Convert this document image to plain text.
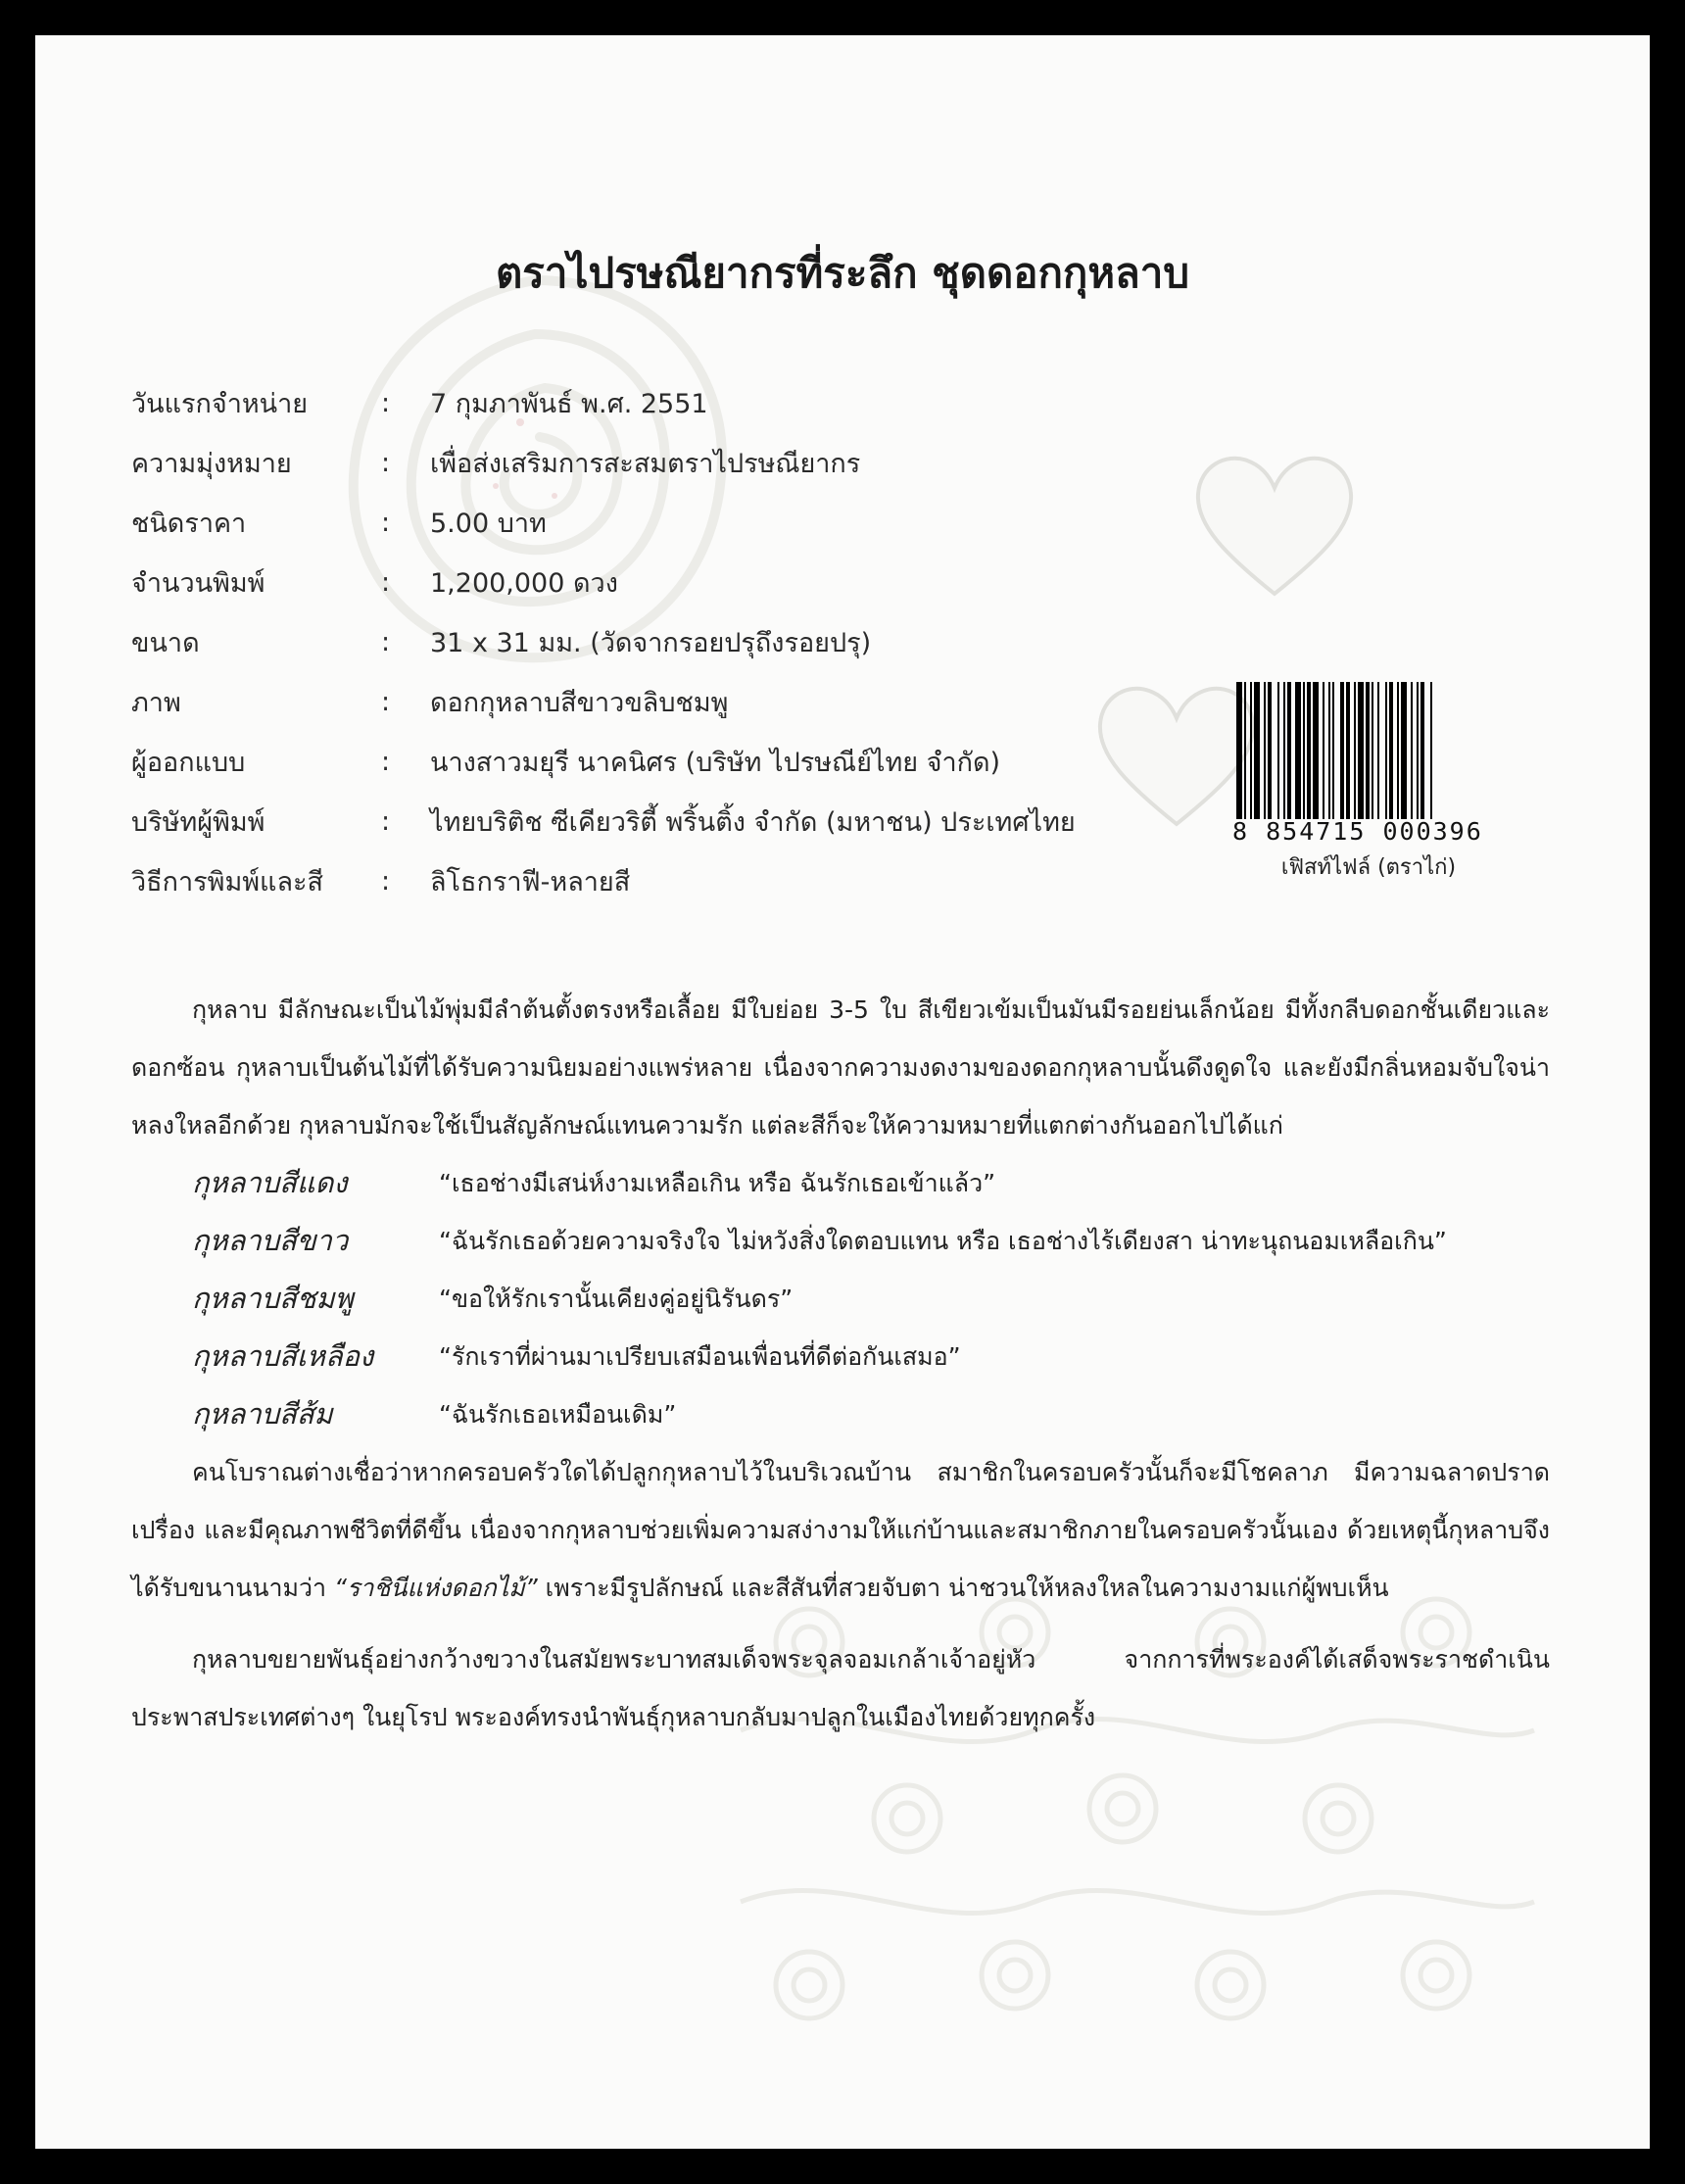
ตราไปรษณียากรที่ระลึก ชุดดอกกุหลาบ
วันแรกจำหน่าย	:	7 กุมภาพันธ์ พ.ศ. 2551
ความมุ่งหมาย	:	เพื่อส่งเสริมการสะสมตราไปรษณียากร
ชนิดราคา	:	5.00 บาท
จำนวนพิมพ์	:	1,200,000 ดวง
ขนาด	:	31 x 31 มม. (วัดจากรอยปรุถึงรอยปรุ)
ภาพ	:	ดอกกุหลาบสีขาวขลิบชมพู
ผู้ออกแบบ	:	นางสาวมยุรี นาคนิศร (บริษัท ไปรษณีย์ไทย จำกัด)
บริษัทผู้พิมพ์	:	ไทยบริติช ซีเคียวริตี้ พริ้นติ้ง จำกัด (มหาชน) ประเทศไทย
วิธีการพิมพ์และสี	:	ลิโธกราฟี-หลายสี
8 854715 000396
เฟิสท์ไฟล์ (ตราไก่)

กุหลาบ มีลักษณะเป็นไม้พุ่มมีลำต้นตั้งตรงหรือเลื้อย มีใบย่อย 3-5 ใบ สีเขียวเข้มเป็นมันมีรอยย่นเล็กน้อย มีทั้งกลีบดอกชั้นเดียวและดอกซ้อน กุหลาบเป็นต้นไม้ที่ได้รับความนิยมอย่างแพร่หลาย เนื่องจากความงดงามของดอกกุหลาบนั้นดึงดูดใจ และยังมีกลิ่นหอมจับใจน่าหลงใหลอีกด้วย กุหลาบมักจะใช้เป็นสัญลักษณ์แทนความรัก แต่ละสีก็จะให้ความหมายที่แตกต่างกันออกไปได้แก่

กุหลาบสีแดง	“เธอช่างมีเสน่ห์งามเหลือเกิน หรือ ฉันรักเธอเข้าแล้ว”
กุหลาบสีขาว	“ฉันรักเธอด้วยความจริงใจ ไม่หวังสิ่งใดตอบแทน หรือ เธอช่างไร้เดียงสา น่าทะนุถนอมเหลือเกิน”
กุหลาบสีชมพู	“ขอให้รักเรานั้นเคียงคู่อยู่นิรันดร”
กุหลาบสีเหลือง	“รักเราที่ผ่านมาเปรียบเสมือนเพื่อนที่ดีต่อกันเสมอ”
กุหลาบสีส้ม	“ฉันรักเธอเหมือนเดิม”

คนโบราณต่างเชื่อว่าหากครอบครัวใดได้ปลูกกุหลาบไว้ในบริเวณบ้าน สมาชิกในครอบครัวนั้นก็จะมีโชคลาภ มีความฉลาดปราดเปรื่อง และมีคุณภาพชีวิตที่ดีขึ้น เนื่องจากกุหลาบช่วยเพิ่มความสง่างามให้แก่บ้านและสมาชิกภายในครอบครัวนั้นเอง ด้วยเหตุนี้กุหลาบจึงได้รับขนานนามว่า “ราชินีแห่งดอกไม้” เพราะมีรูปลักษณ์ และสีสันที่สวยจับตา น่าชวนให้หลงใหลในความงามแก่ผู้พบเห็น

กุหลาบขยายพันธุ์อย่างกว้างขวางในสมัยพระบาทสมเด็จพระจุลจอมเกล้าเจ้าอยู่หัว จากการที่พระองค์ได้เสด็จพระราชดำเนินประพาสประเทศต่างๆ ในยุโรป พระองค์ทรงนำพันธุ์กุหลาบกลับมาปลูกในเมืองไทยด้วยทุกครั้ง
